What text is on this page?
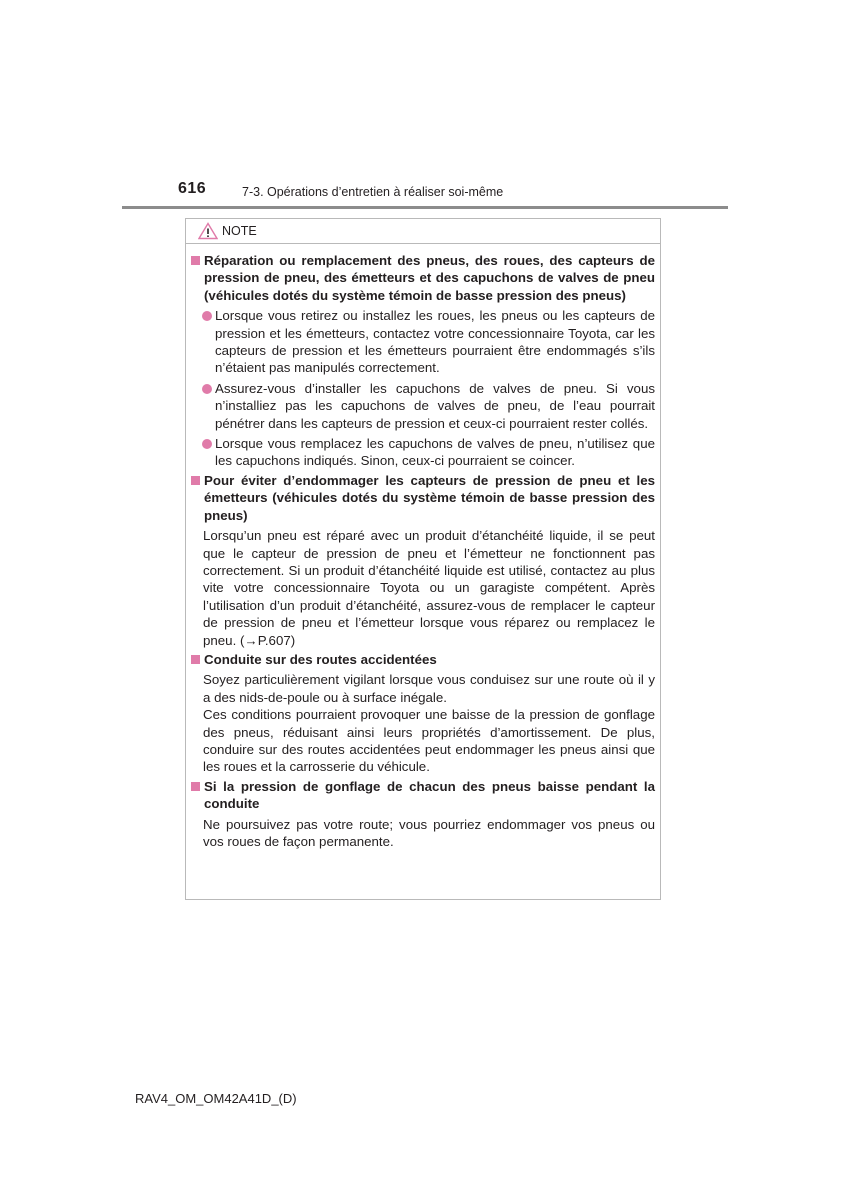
616	7-3. Opérations d’entretien à réaliser soi-même
NOTE
Réparation ou remplacement des pneus, des roues, des capteurs de pression de pneu, des émetteurs et des capuchons de valves de pneu (véhicules dotés du système témoin de basse pression des pneus)
Lorsque vous retirez ou installez les roues, les pneus ou les capteurs de pression et les émetteurs, contactez votre concessionnaire Toyota, car les capteurs de pression et les émetteurs pourraient être endommagés s’ils n’étaient pas manipulés correctement.
Assurez-vous d’installer les capuchons de valves de pneu. Si vous n’installiez pas les capuchons de valves de pneu, de l’eau pourrait pénétrer dans les capteurs de pression et ceux-ci pourraient rester collés.
Lorsque vous remplacez les capuchons de valves de pneu, n’utilisez que les capuchons indiqués. Sinon, ceux-ci pourraient se coincer.
Pour éviter d’endommager les capteurs de pression de pneu et les émetteurs (véhicules dotés du système témoin de basse pression des pneus)
Lorsqu’un pneu est réparé avec un produit d’étanchéité liquide, il se peut que le capteur de pression de pneu et l’émetteur ne fonctionnent pas correctement. Si un produit d’étanchéité liquide est utilisé, contactez au plus vite votre concessionnaire Toyota ou un garagiste compétent. Après l’utilisation d’un produit d’étanchéité, assurez-vous de remplacer le capteur de pression de pneu et l’émetteur lorsque vous réparez ou remplacez le pneu. (→P.607)
Conduite sur des routes accidentées
Soyez particulièrement vigilant lorsque vous conduisez sur une route où il y a des nids-de-poule ou à surface inégale.
Ces conditions pourraient provoquer une baisse de la pression de gonflage des pneus, réduisant ainsi leurs propriétés d’amortissement. De plus, conduire sur des routes accidentées peut endommager les pneus ainsi que les roues et la carrosserie du véhicule.
Si la pression de gonflage de chacun des pneus baisse pendant la conduite
Ne poursuivez pas votre route; vous pourriez endommager vos pneus ou vos roues de façon permanente.
RAV4_OM_OM42A41D_(D)
